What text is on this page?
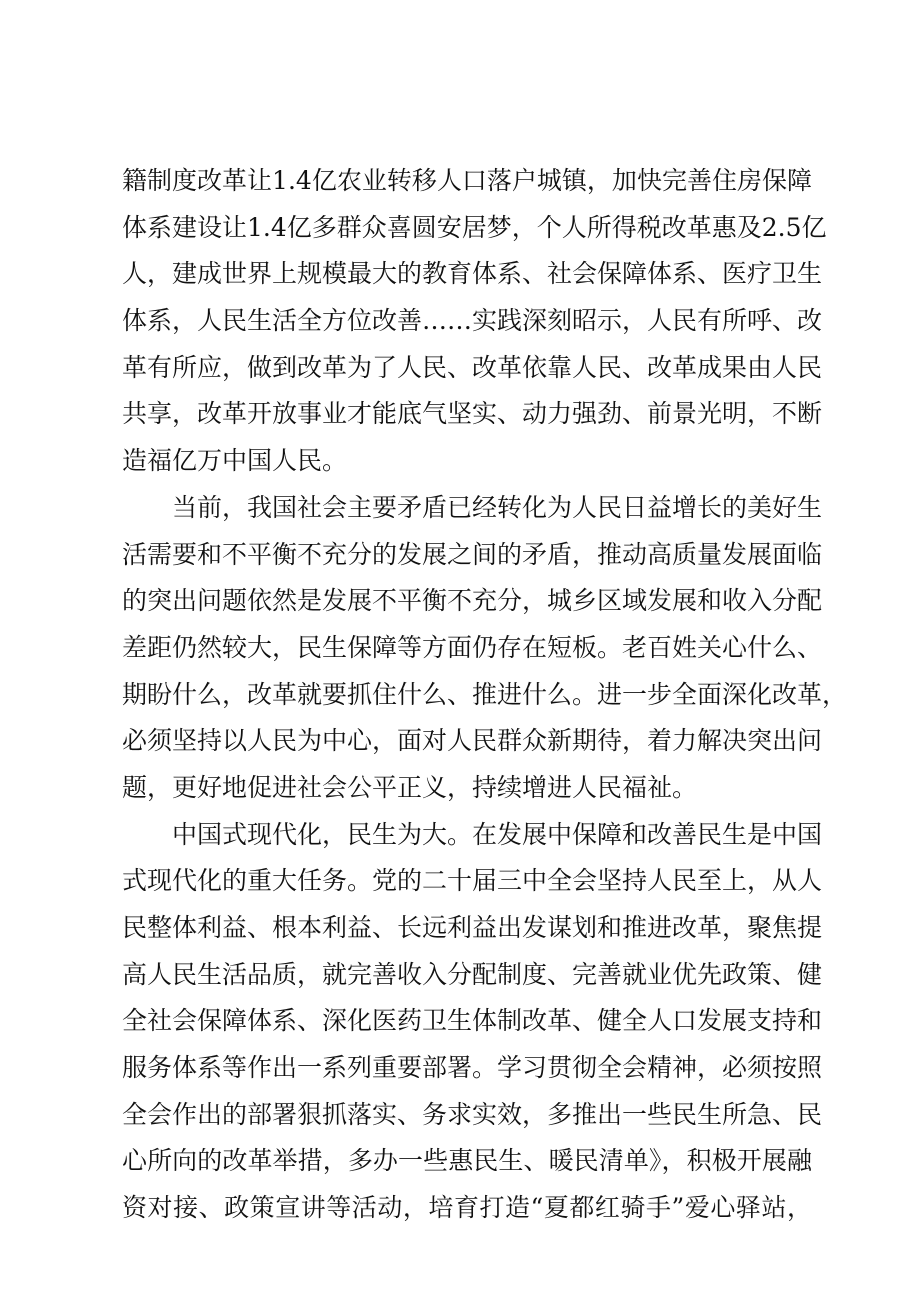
籍制度改革让1.4亿农业转移人口落户城镇，加快完善住房保障
体系建设让1.4亿多群众喜圆安居梦，个人所得税改革惠及2.5亿
人，建成世界上规模最大的教育体系、社会保障体系、医疗卫生
体系，人民生活全方位改善……实践深刻昭示，人民有所呼、改
革有所应，做到改革为了人民、改革依靠人民、改革成果由人民
共享，改革开放事业才能底气坚实、动力强劲、前景光明，不断
造福亿万中国人民。
　　当前，我国社会主要矛盾已经转化为人民日益增长的美好生
活需要和不平衡不充分的发展之间的矛盾，推动高质量发展面临
的突出问题依然是发展不平衡不充分，城乡区域发展和收入分配
差距仍然较大，民生保障等方面仍存在短板。老百姓关心什么、
期盼什么，改革就要抓住什么、推进什么。进一步全面深化改革，
必须坚持以人民为中心，面对人民群众新期待，着力解决突出问
题，更好地促进社会公平正义，持续增进人民福祉。
　　中国式现代化，民生为大。在发展中保障和改善民生是中国
式现代化的重大任务。党的二十届三中全会坚持人民至上，从人
民整体利益、根本利益、长远利益出发谋划和推进改革，聚焦提
高人民生活品质，就完善收入分配制度、完善就业优先政策、健
全社会保障体系、深化医药卫生体制改革、健全人口发展支持和
服务体系等作出一系列重要部署。学习贯彻全会精神，必须按照
全会作出的部署狠抓落实、务求实效，多推出一些民生所急、民
心所向的改革举措，多办一些惠民生、暖民清单》，积极开展融
资对接、政策宣讲等活动，培育打造“夏都红骑手”爱心驿站，
